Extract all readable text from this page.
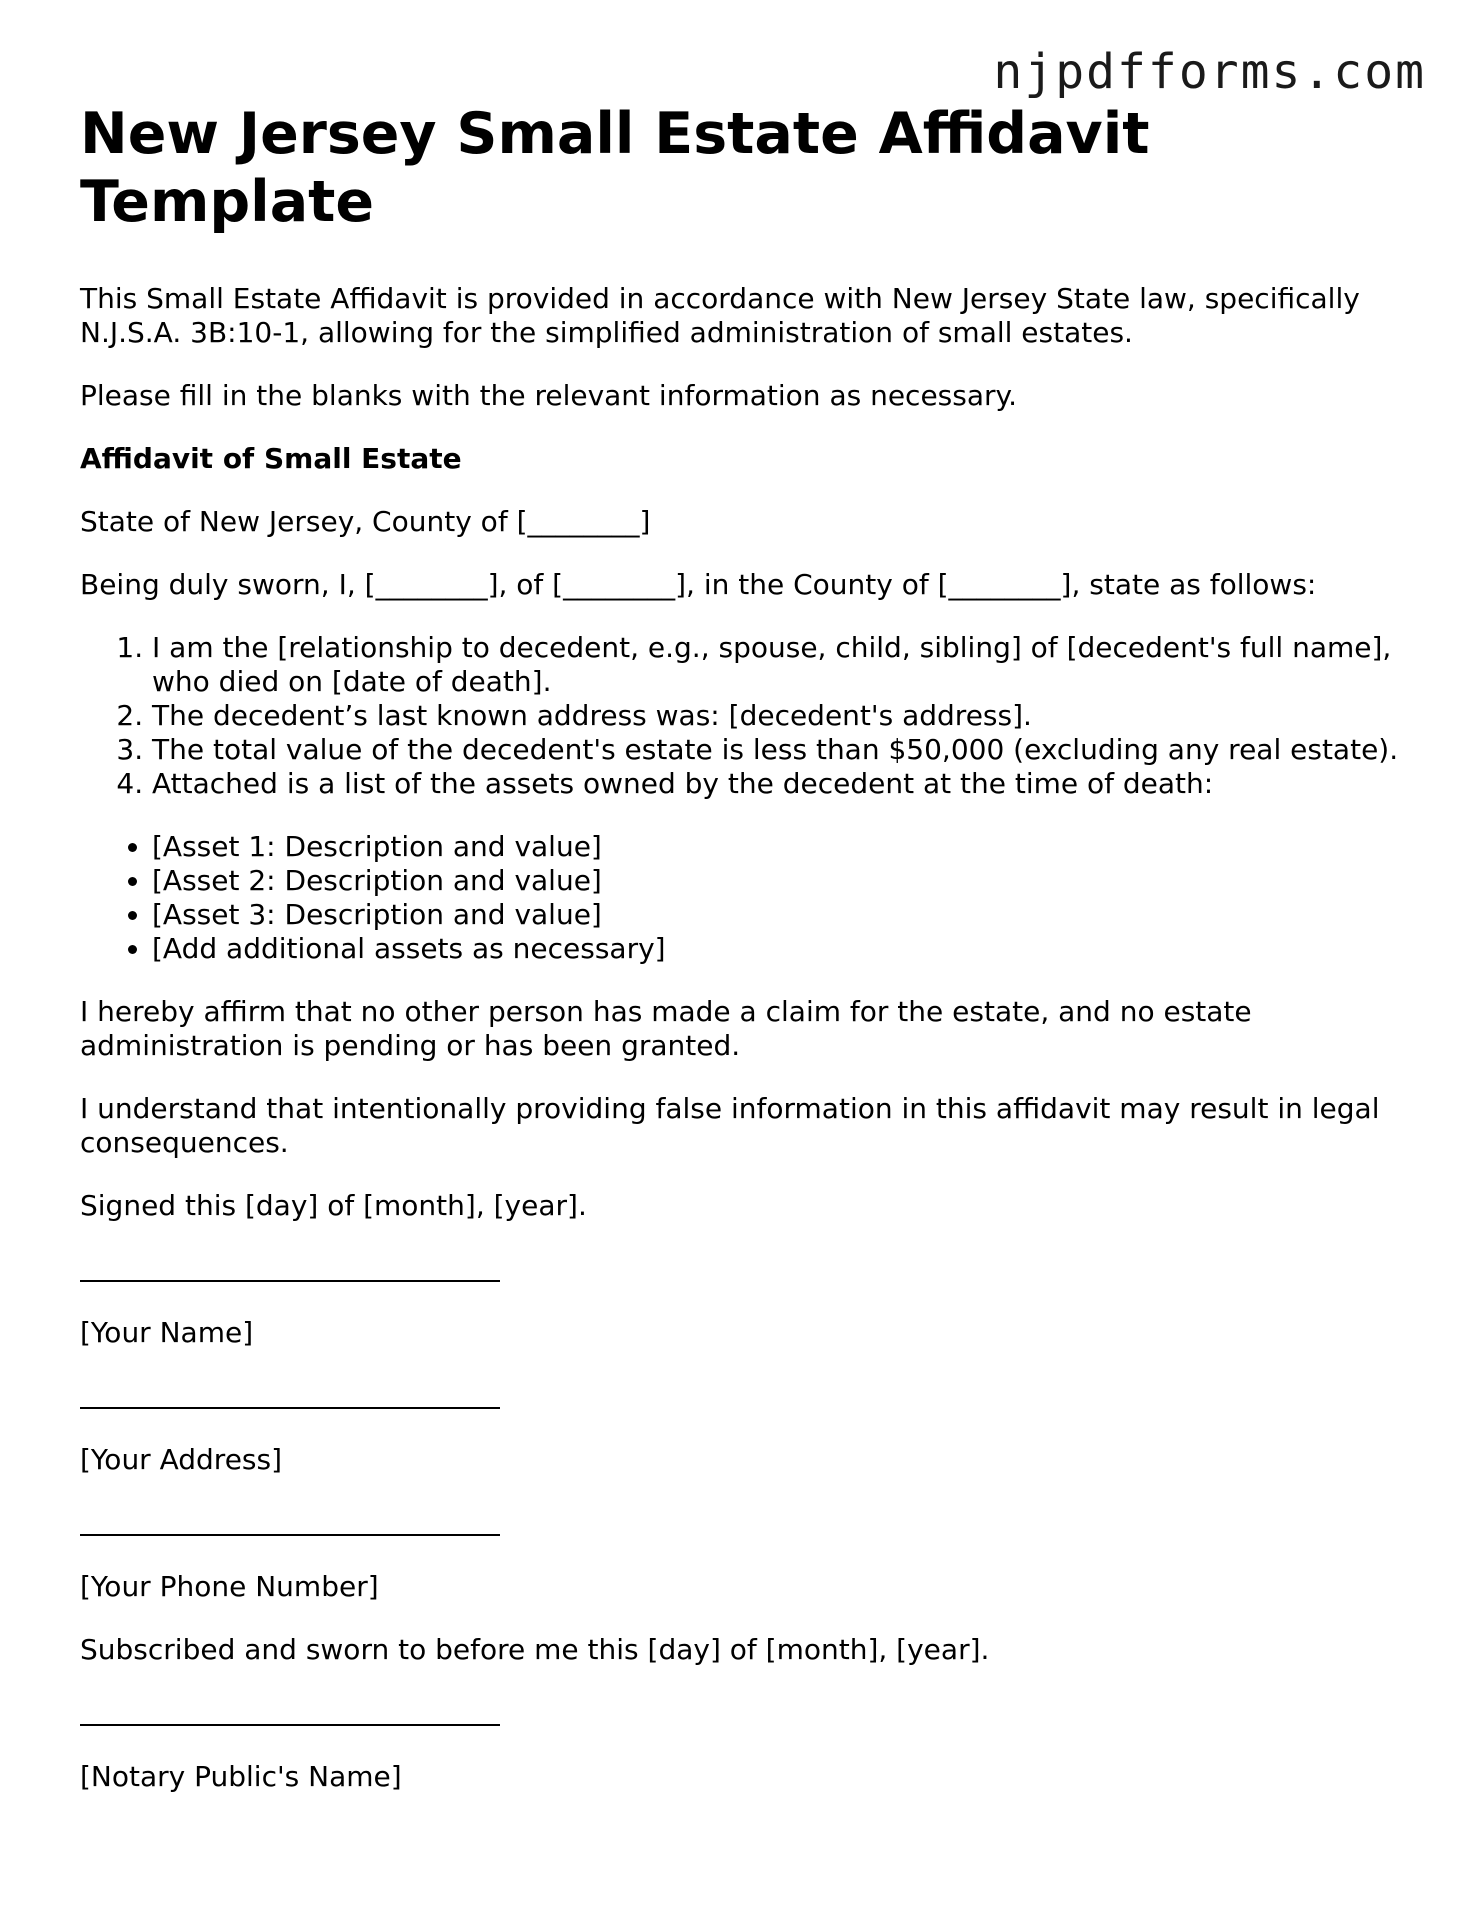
njpdfforms.com
New Jersey Small Estate Affidavit Template

This Small Estate Affidavit is provided in accordance with New Jersey State law, specifically N.J.S.A. 3B:10-1, allowing for the simplified administration of small estates.

Please fill in the blanks with the relevant information as necessary.

Affidavit of Small Estate

State of New Jersey, County of [________]

Being duly sworn, I, [________], of [________], in the County of [________], state as follows:

1. I am the [relationship to decedent, e.g., spouse, child, sibling] of [decedent's full name], who died on [date of death].
2. The decedent’s last known address was: [decedent's address].
3. The total value of the decedent's estate is less than $50,000 (excluding any real estate).
4. Attached is a list of the assets owned by the decedent at the time of death:
• [Asset 1: Description and value]
• [Asset 2: Description and value]
• [Asset 3: Description and value]
• [Add additional assets as necessary]

I hereby affirm that no other person has made a claim for the estate, and no estate administration is pending or has been granted.

I understand that intentionally providing false information in this affidavit may result in legal consequences.

Signed this [day] of [month], [year].

[Your Name]

[Your Address]

[Your Phone Number]

Subscribed and sworn to before me this [day] of [month], [year].

[Notary Public's Name]
